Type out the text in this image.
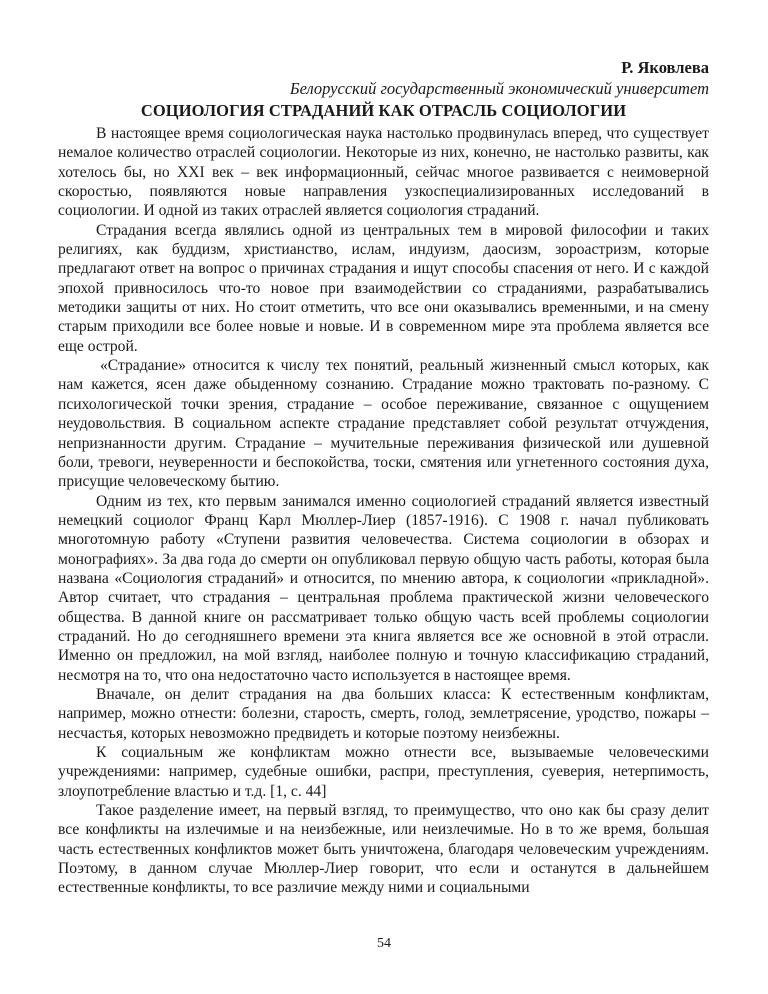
Р. Яковлева

Белорусский государственный экономический университет

СОЦИОЛОГИЯ СТРАДАНИЙ КАК ОТРАСЛЬ СОЦИОЛОГИИ

В настоящее время социологическая наука настолько продвинулась вперед, что существует немалое количество отраслей социологии. Некоторые из них, конечно, не настолько развиты, как хотелось бы, но XXI век – век информационный, сейчас многое развивается с неимоверной скоростью, появляются новые направления узкоспециализированных исследований в социологии. И одной из таких отраслей является социология страданий.

Страдания всегда являлись одной из центральных тем в мировой философии и таких религиях, как буддизм, христианство, ислам, индуизм, даосизм, зороастризм, которые предлагают ответ на вопрос о причинах страдания и ищут способы спасения от него. И с каждой эпохой привносилось что-то новое при взаимодействии со страданиями, разрабатывались методики защиты от них. Но стоит отметить, что все они оказывались временными, и на смену старым приходили все более новые и новые. И в современном мире эта проблема является все еще острой.

«Страдание» относится к числу тех понятий, реальный жизненный смысл которых, как нам кажется, ясен даже обыденному сознанию. Страдание можно трактовать по-разному. С психологической точки зрения, страдание – особое переживание, связанное с ощущением неудовольствия. В социальном аспекте страдание представляет собой результат отчуждения, непризнанности другим. Страдание – мучительные переживания физической или душевной боли, тревоги, неуверенности и беспокойства, тоски, смятения или угнетенного состояния духа, присущие человеческому бытию.

Одним из тех, кто первым занимался именно социологией страданий является известный немецкий социолог Франц Карл Мюллер-Лиер (1857-1916). С 1908 г. начал публиковать многотомную работу «Ступени развития человечества. Система социологии в обзорах и монографиях». За два года до смерти он опубликовал первую общую часть работы, которая была названа «Социология страданий» и относится, по мнению автора, к социологии «прикладной». Автор считает, что страдания – центральная проблема практической жизни человеческого общества. В данной книге он рассматривает только общую часть всей проблемы социологии страданий. Но до сегодняшнего времени эта книга является все же основной в этой отрасли. Именно он предложил, на мой взгляд, наиболее полную и точную классификацию страданий, несмотря на то, что она недостаточно часто используется в настоящее время.

Вначале, он делит страдания на два больших класса: К естественным конфликтам, например, можно отнести: болезни, старость, смерть, голод, землетрясение, уродство, пожары –несчастья, которых невозможно предвидеть и которые поэтому неизбежны.

К социальным же конфликтам можно отнести все, вызываемые человеческими учреждениями: например, судебные ошибки, распри, преступления, суеверия, нетерпимость, злоупотребление властью и т.д. [1, с. 44]

Такое разделение имеет, на первый взгляд, то преимущество, что оно как бы сразу делит все конфликты на излечимые и на неизбежные, или неизлечимые. Но в то же время, большая часть естественных конфликтов может быть уничтожена, благодаря человеческим учреждениям. Поэтому, в данном случае Мюллер-Лиер говорит, что если и останутся в дальнейшем естественные конфликты, то все различие между ними и социальными

54
